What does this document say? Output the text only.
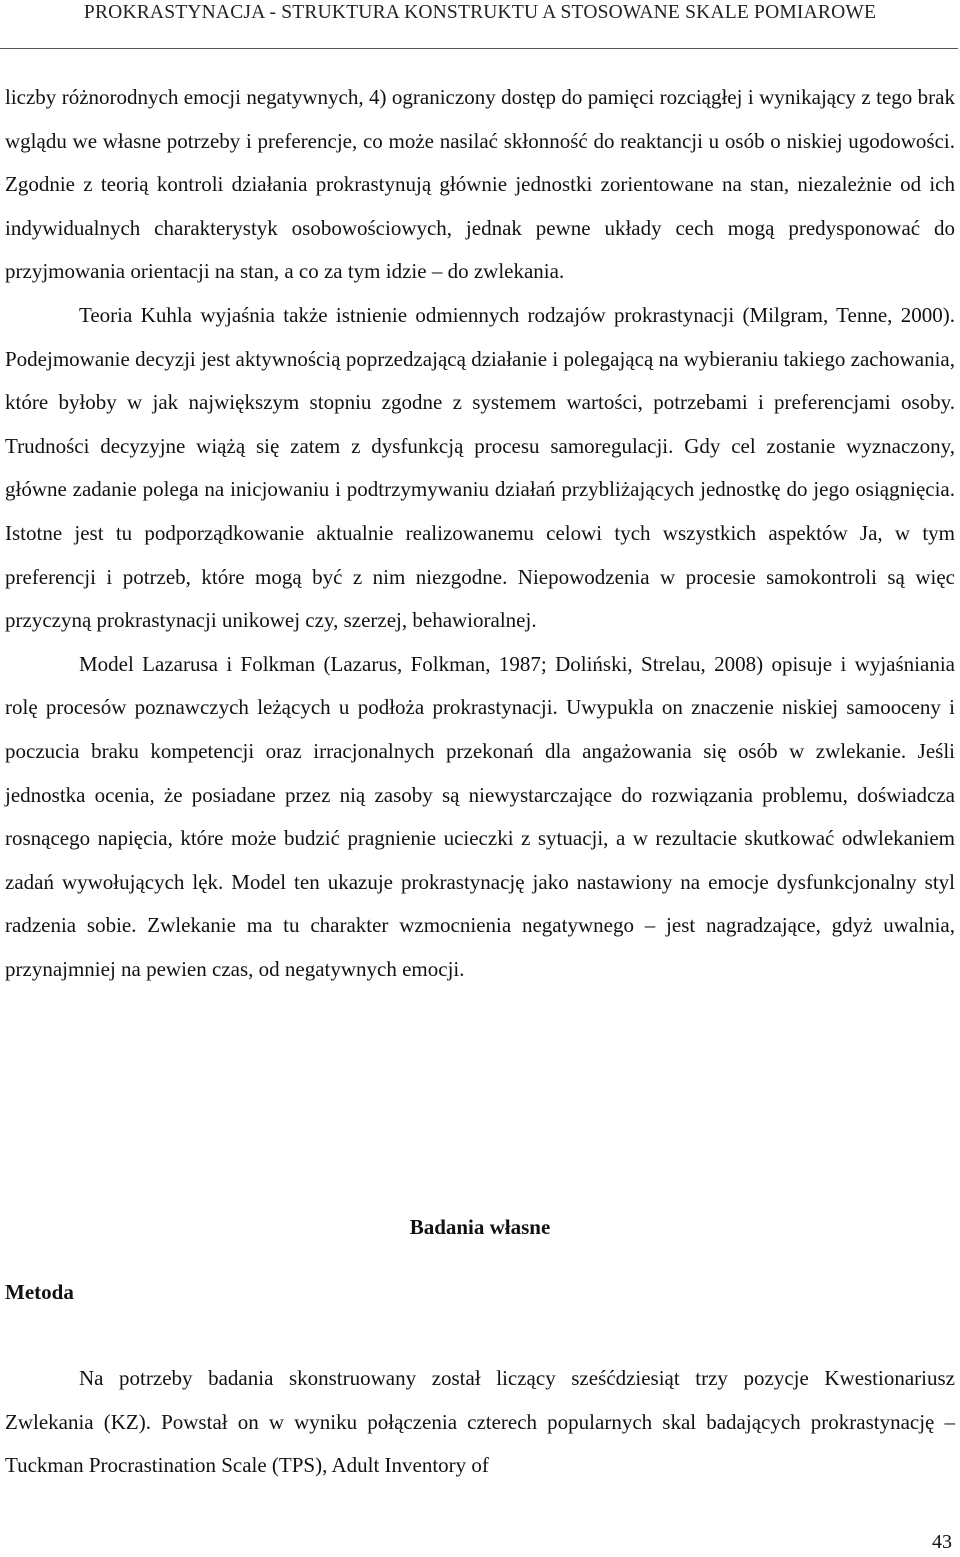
PROKRASTYNACJA - STRUKTURA KONSTRUKTU A STOSOWANE SKALE POMIAROWE

liczby różnorodnych emocji negatywnych, 4) ograniczony dostęp do pamięci rozciągłej i wynikający z tego brak wglądu we własne potrzeby i preferencje, co może nasilać skłonność do reaktancji u osób o niskiej ugodowości. Zgodnie z teorią kontroli działania prokrastynują głównie jednostki zorientowane na stan, niezależnie od ich indywidualnych charakterystyk osobowościowych, jednak pewne układy cech mogą predysponować do przyjmowania orientacji na stan, a co za tym idzie – do zwlekania.

Teoria Kuhla wyjaśnia także istnienie odmiennych rodzajów prokrastynacji (Milgram, Tenne, 2000). Podejmowanie decyzji jest aktywnością poprzedzającą działanie i polegającą na wybieraniu takiego zachowania, które byłoby w jak największym stopniu zgodne z systemem wartości, potrzebami i preferencjami osoby. Trudności decyzyjne wiążą się zatem z dysfunkcją procesu samoregulacji. Gdy cel zostanie wyznaczony, główne zadanie polega na inicjowaniu i podtrzymywaniu działań przybliżających jednostkę do jego osiągnięcia. Istotne jest tu podporządkowanie aktualnie realizowanemu celowi tych wszystkich aspektów Ja, w tym preferencji i potrzeb, które mogą być z nim niezgodne. Niepowodzenia w procesie samokontroli są więc przyczyną prokrastynacji unikowej czy, szerzej, behawioralnej.

Model Lazarusa i Folkman (Lazarus, Folkman, 1987; Doliński, Strelau, 2008) opisuje i wyjaśniania rolę procesów poznawczych leżących u podłoża prokrastynacji. Uwypukla on znaczenie niskiej samooceny i poczucia braku kompetencji oraz irracjonalnych przekonań dla angażowania się osób w zwlekanie. Jeśli jednostka ocenia, że posiadane przez nią zasoby są niewystarczające do rozwiązania problemu, doświadcza rosnącego napięcia, które może budzić pragnienie ucieczki z sytuacji, a w rezultacie skutkować odwlekaniem zadań wywołujących lęk. Model ten ukazuje prokrastynację jako nastawiony na emocje dysfunkcjonalny styl radzenia sobie. Zwlekanie ma tu charakter wzmocnienia negatywnego – jest nagradzające, gdyż uwalnia, przynajmniej na pewien czas, od negatywnych emocji.

Badania własne
Metoda

Na potrzeby badania skonstruowany został liczący sześćdziesiąt trzy pozycje Kwestionariusz Zwlekania (KZ). Powstał on w wyniku połączenia czterech popularnych skal badających prokrastynację – Tuckman Procrastination Scale (TPS), Adult Inventory of

43
